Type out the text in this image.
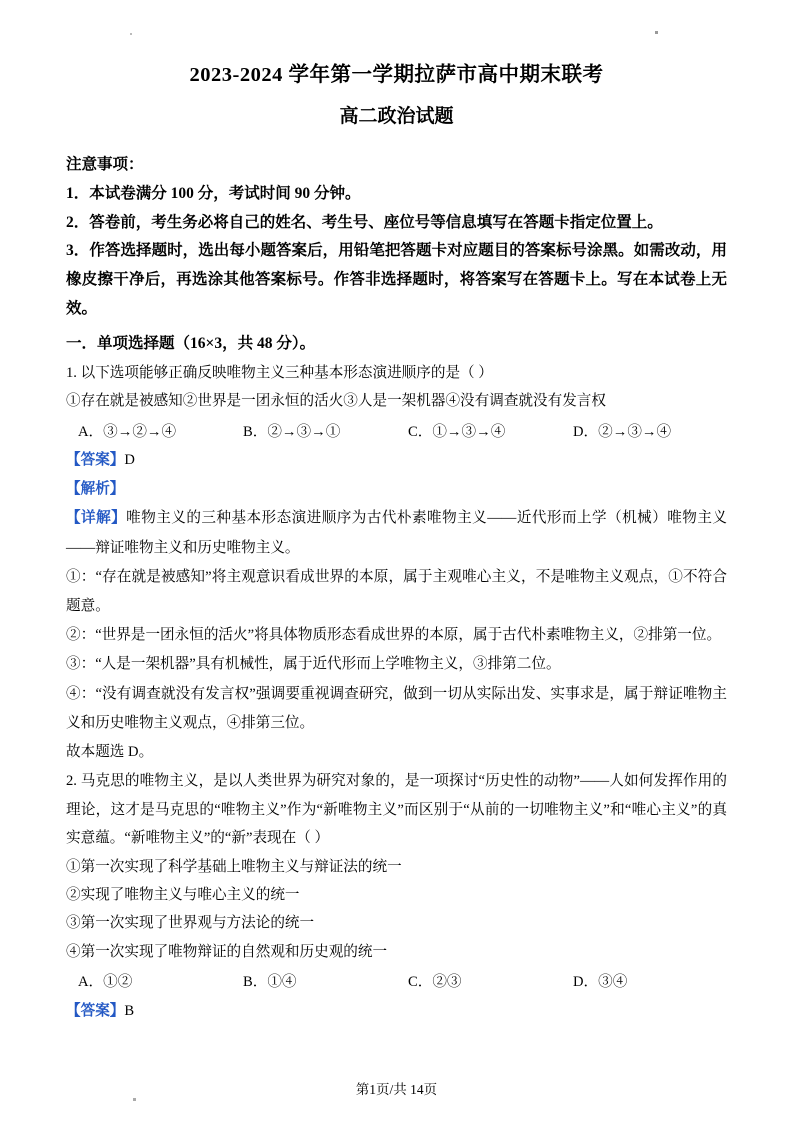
2023-2024 学年第一学期拉萨市高中期末联考
高二政治试题
注意事项：
1．本试卷满分 100 分，考试时间 90 分钟。
2．答卷前，考生务必将自己的姓名、考生号、座位号等信息填写在答题卡指定位置上。
3．作答选择题时，选出每小题答案后，用铅笔把答题卡对应题目的答案标号涂黑。如需改动，用橡皮擦干净后，再选涂其他答案标号。作答非选择题时，将答案写在答题卡上。写在本试卷上无效。
一．单项选择题（16×3，共 48 分）。
1. 以下选项能够正确反映唯物主义三种基本形态演进顺序的是（ ）
①存在就是被感知②世界是一团永恒的活火③人是一架机器④没有调查就没有发言权
A．③→②→④	B．②→③→①	C．①→③→④	D．②→③→④
【答案】D
【解析】
【详解】唯物主义的三种基本形态演进顺序为古代朴素唯物主义——近代形而上学（机械）唯物主义——辩证唯物主义和历史唯物主义。
①：“存在就是被感知”将主观意识看成世界的本原，属于主观唯心主义，不是唯物主义观点，①不符合题意。
②：“世界是一团永恒的活火”将具体物质形态看成世界的本原，属于古代朴素唯物主义，②排第一位。
③：“人是一架机器”具有机械性，属于近代形而上学唯物主义，③排第二位。
④：“没有调查就没有发言权”强调要重视调查研究，做到一切从实际出发、实事求是，属于辩证唯物主义和历史唯物主义观点，④排第三位。
故本题选 D。
2. 马克思的唯物主义，是以人类世界为研究对象的，是一项探讨“历史性的动物”——人如何发挥作用的理论，这才是马克思的“唯物主义”作为“新唯物主义”而区别于“从前的一切唯物主义”和“唯心主义”的真实意蕴。“新唯物主义”的“新”表现在（ ）
①第一次实现了科学基础上唯物主义与辩证法的统一
②实现了唯物主义与唯心主义的统一
③第一次实现了世界观与方法论的统一
④第一次实现了唯物辩证的自然观和历史观的统一
A．①②	B．①④	C．②③	D．③④
【答案】B
第1页/共 14页
